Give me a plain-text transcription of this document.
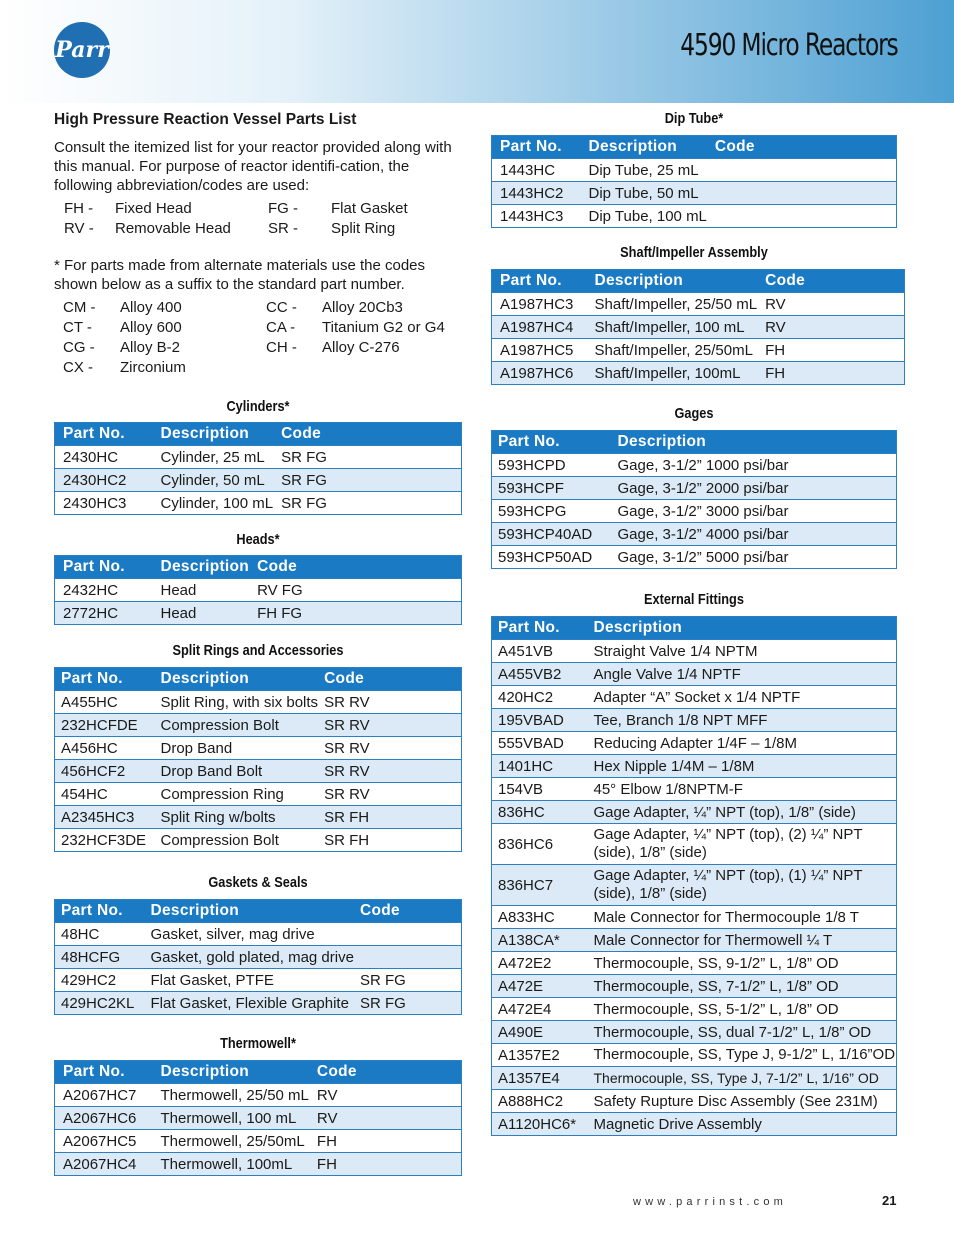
Parr	4590 Micro Reactors
High Pressure Reaction Vessel Parts List

Consult the itemized list for your reactor provided along with this manual. For purpose of reactor identifi-cation, the following abbreviation/codes are used:

FH -	Fixed Head	FG -	Flat Gasket
RV -	Removable Head	SR -	Split Ring

* For parts made from alternate materials use the codes shown below as a suffix to the standard part number.

CM -	Alloy 400	CC -	Alloy 20Cb3
CT -	Alloy 600	CA -	Titanium G2 or G4
CG -	Alloy B-2	CH -	Alloy C-276
CX -	Zirconium
Cylinders*
Part No.	Description	Code
2430HC	Cylinder, 25 mL	SR FG
2430HC2	Cylinder, 50 mL	SR FG
2430HC3	Cylinder, 100 mL	SR FG
Heads*
Part No.	Description	Code
2432HC	Head	RV FG
2772HC	Head	FH FG
Split Rings and Accessories
Part No.	Description	Code
A455HC	Split Ring, with six bolts	SR RV
232HCFDE	Compression Bolt	SR RV
A456HC	Drop Band	SR RV
456HCF2	Drop Band Bolt	SR RV
454HC	Compression Ring	SR RV
A2345HC3	Split Ring w/bolts	SR FH
232HCF3DE	Compression Bolt	SR FH
Gaskets & Seals
Part No.	Description	Code
48HC	Gasket, silver, mag drive	
48HCFG	Gasket, gold plated, mag drive	
429HC2	Flat Gasket, PTFE	SR FG
429HC2KL	Flat Gasket, Flexible Graphite	SR FG
Thermowell*
Part No.	Description	Code
A2067HC7	Thermowell, 25/50 mL	RV
A2067HC6	Thermowell, 100 mL	RV
A2067HC5	Thermowell, 25/50mL	FH
A2067HC4	Thermowell, 100mL	FH
Dip Tube*
Part No.	Description	Code
1443HC	Dip Tube, 25 mL	
1443HC2	Dip Tube, 50 mL	
1443HC3	Dip Tube, 100 mL	
Shaft/Impeller Assembly
Part No.	Description	Code
A1987HC3	Shaft/Impeller, 25/50 mL	RV
A1987HC4	Shaft/Impeller, 100 mL	RV
A1987HC5	Shaft/Impeller, 25/50mL	FH
A1987HC6	Shaft/Impeller, 100mL	FH
Gages
Part No.	Description
593HCPD	Gage, 3-1/2” 1000 psi/bar
593HCPF	Gage, 3-1/2” 2000 psi/bar
593HCPG	Gage, 3-1/2” 3000 psi/bar
593HCP40AD	Gage, 3-1/2” 4000 psi/bar
593HCP50AD	Gage, 3-1/2” 5000 psi/bar
External Fittings
Part No.	Description
A451VB	Straight Valve 1/4 NPTM
A455VB2	Angle Valve 1/4 NPTF
420HC2	Adapter “A” Socket x 1/4 NPTF
195VBAD	Tee, Branch 1/8 NPT MFF
555VBAD	Reducing Adapter 1/4F – 1/8M
1401HC	Hex Nipple 1/4M – 1/8M
154VB	45° Elbow 1/8NPTM-F
836HC	Gage Adapter, ¼” NPT (top), 1/8” (side)
836HC6	Gage Adapter, ¼” NPT (top), (2) ¼” NPT (side), 1/8” (side)
836HC7	Gage Adapter, ¼” NPT (top), (1) ¼” NPT (side), 1/8” (side)
A833HC	Male Connector for Thermocouple 1/8 T
A138CA*	Male Connector for Thermowell ¼ T
A472E2	Thermocouple, SS, 9-1/2” L, 1/8” OD
A472E	Thermocouple, SS, 7-1/2” L, 1/8” OD
A472E4	Thermocouple, SS, 5-1/2” L, 1/8” OD
A490E	Thermocouple, SS, dual 7-1/2” L, 1/8” OD
A1357E2	Thermocouple, SS, Type J, 9-1/2” L, 1/16”OD
A1357E4	Thermocouple, SS, Type J, 7-1/2” L, 1/16” OD
A888HC2	Safety Rupture Disc Assembly (See 231M)
A1120HC6*	Magnetic Drive Assembly
www.parrinst.com	21
